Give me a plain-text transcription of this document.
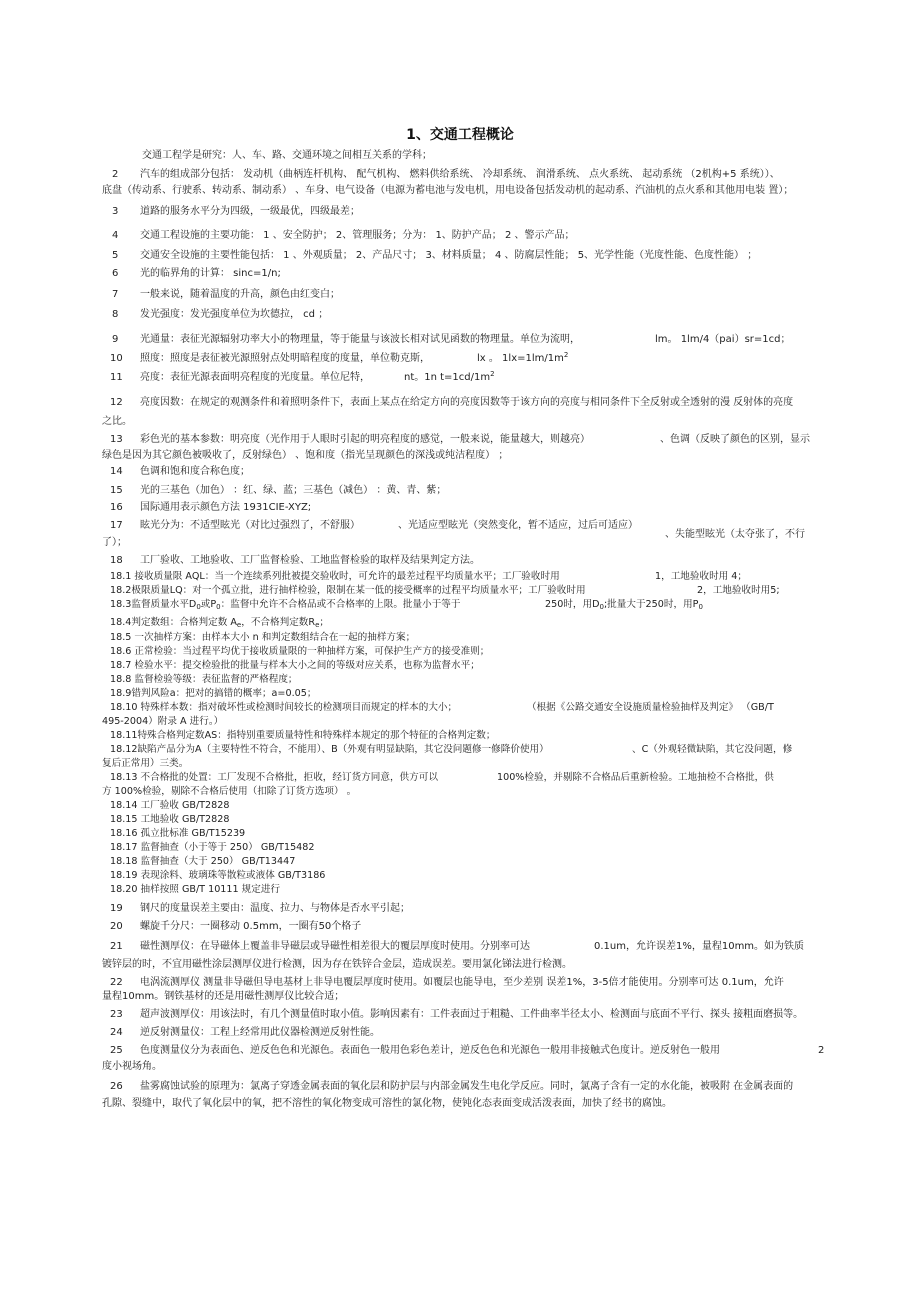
1、交通工程概论
交通工程学是研究：人、车、路、交通环境之间相互关系的学科；
2 汽车的组成部分包括： 发动机（曲柄连杆机构、 配气机构、 燃料供给系统、 冷却系统、 润滑系统、 点火系统、 起动系统 （2机构+5 系统））、
底盘（传动系、行驶系、转动系、制动系） 、车身、电气设备（电源为蓄电池与发电机，用电设备包括发动机的起动系、汽油机的点火系和其他用电装 置）；
3 道路的服务水平分为四级，一级最优，四级最差；
4 交通工程设施的主要功能： 1 、安全防护； 2、管理服务；分为： 1、防护产品； 2 、警示产品；
5 交通安全设施的主要性能包括： 1 、外观质量； 2、产品尺寸； 3、材料质量； 4 、防腐层性能； 5、光学性能（光度性能、色度性能） ；
6 光的临界角的计算： sinc=1/n;
7 一般来说，随着温度的升高，颜色由红变白；
8 发光强度：发光强度单位为坎德拉， cd ；
9 光通量：表征光源辐射功率大小的物理量，等于能量与该波长相对试见函数的物理量。单位为流明，	lm。 1lm/4（pai）sr=1cd；
10 照度：照度是表征被光源照射点处明暗程度的度量，单位勒克斯，	lx 。 $1lx=1lm/1m^2$
11 亮度：表征光源表面明亮程度的光度量。单位尼特，	nt。1n $t=1cd/1m^2$
12 亮度因数：在规定的观测条件和着照明条件下，表面上某点在给定方向的亮度因数等于该方向的亮度与相同条件下全反射或全透射的漫 反射体的亮度
之比。
13 彩色光的基本参数：明亮度（光作用于人眼时引起的明亮程度的感觉，一般来说，能量越大，则越亮）	、色调（反映了颜色的区别，显示
绿色是因为其它颜色被吸收了，反射绿色） 、饱和度（指光呈现颜色的深浅或纯洁程度） ；
14 色调和饱和度合称色度；
15 光的三基色（加色） ：红、绿、蓝；三基色（减色） ：黄、青、紫；
16 国际通用表示颜色方法 1931CIE-XYZ;
17 眩光分为：不适型眩光（对比过强烈了，不舒服）	、光适应型眩光（突然变化，暂不适应，过后可适应）
、失能型眩光（太夺张了，不行
了）；
18 工厂验收、工地验收、工厂监督检验、工地监督检验的取样及结果判定方法。
18.1 接收质量限 AQL：当一个连续系列批被提交验收时，可允许的最差过程平均质量水平；工厂验收时用	1，工地验收时用 4；
18.2极限质量LQ：对一个孤立批，进行抽样检验，限制在某一低的接受概率的过程平均质量水平；工厂验收时用	2，工地验收时用5;
18.3监督质量水平$D_0$或$P_0$：监督中允许不合格品或不合格率的上限。批量小于等于	250时，用$D_0$;批量大于250时，用$P_0$
18.4判定数组：合格判定数 $A_e$，不合格判定数$R_e$；
18.5 一次抽样方案：由样本大小 n 和判定数组结合在一起的抽样方案；
18.6 正常检验：当过程平均优于接收质量限的一种抽样方案，可保护生产方的接受准则；
18.7 检验水平：提交检验批的批量与样本大小之间的等级对应关系，也称为监督水平；
18.8 监督检验等级：表征监督的严格程度；
18.9错判风险a：把对的搞错的概率；a=0.05；
18.10 特殊样本数：指对破坏性或检测时间较长的检测项目而规定的样本的大小；	（根据《公路交通安全设施质量检验抽样及判定》 （GB/T
495-2004）附录 A 进行。）
18.11特殊合格判定数AS：指特别重要质量特性和特殊样本规定的那个特征的合格判定数；
18.12缺陷产品分为A（主要特性不符合，不能用）、B（外观有明显缺陷，其它没问题修一修降价使用）	、C（外观轻微缺陷，其它没问题，修
复后正常用）三类。
18.13 不合格批的处置：工厂发现不合格批，拒收，经订货方同意，供方可以	100%检验，并剔除不合格品后重新检验。工地抽检不合格批，供
方 100%检验，剔除不合格后使用（扣除了订货方选项） 。
18.14 工厂验收 GB/T2828
18.15 工地验收 GB/T2828
18.16 孤立批标准 GB/T15239
18.17 监督抽查（小于等于 250） GB/T15482
18.18 监督抽查（大于 250） GB/T13447
18.19 表现涂料、玻璃珠等散粒或液体 GB/T3186
18.20 抽样按照 GB/T 10111 规定进行
19 钢尺的度量误差主要由：温度、拉力、与物体是否水平引起；
20 螺旋千分尺：一圈移动 0.5mm，一圈有50个格子
21 磁性测厚仪：在导磁体上覆盖非导磁层或导磁性相差很大的覆层厚度时使用。分别率可达	0.1um，允许误差1%，量程10mm。如为铁质
镀锌层的时，不宜用磁性涂层测厚仪进行检测，因为存在铁锌合金层，造成误差。要用氯化锑法进行检测。
22 电涡流测厚仪 测量非导磁但导电基材上非导电覆层厚度时使用。如覆层也能导电，至少差别 误差1%，3-5倍才能使用。分别率可达 0.1um，允许
量程10mm。钢铁基材的还是用磁性测厚仪比较合适；
23 超声波测厚仪：用该法时，有几个测量值时取小值。影响因素有：工件表面过于粗糙、工件曲率半径太小、检测面与底面不平行、探头 接粗面磨损等。
24 逆反射测量仪：工程上经常用此仪器检测逆反射性能。
25 色度测量仪分为表面色、逆反色色和光源色。表面色一般用色彩色差计，逆反色色和光源色一般用非接触式色度计。逆反射色一般用	2
度小视场角。
26 盐雾腐蚀试验的原理为：氯离子穿透金属表面的氧化层和防护层与内部金属发生电化学反应。同时，氯离子含有一定的水化能，被吸附 在金属表面的
孔隙、裂缝中，取代了氧化层中的氧，把不溶性的氧化物变成可溶性的氯化物，使钝化态表面变成活泼表面，加快了经书的腐蚀。
